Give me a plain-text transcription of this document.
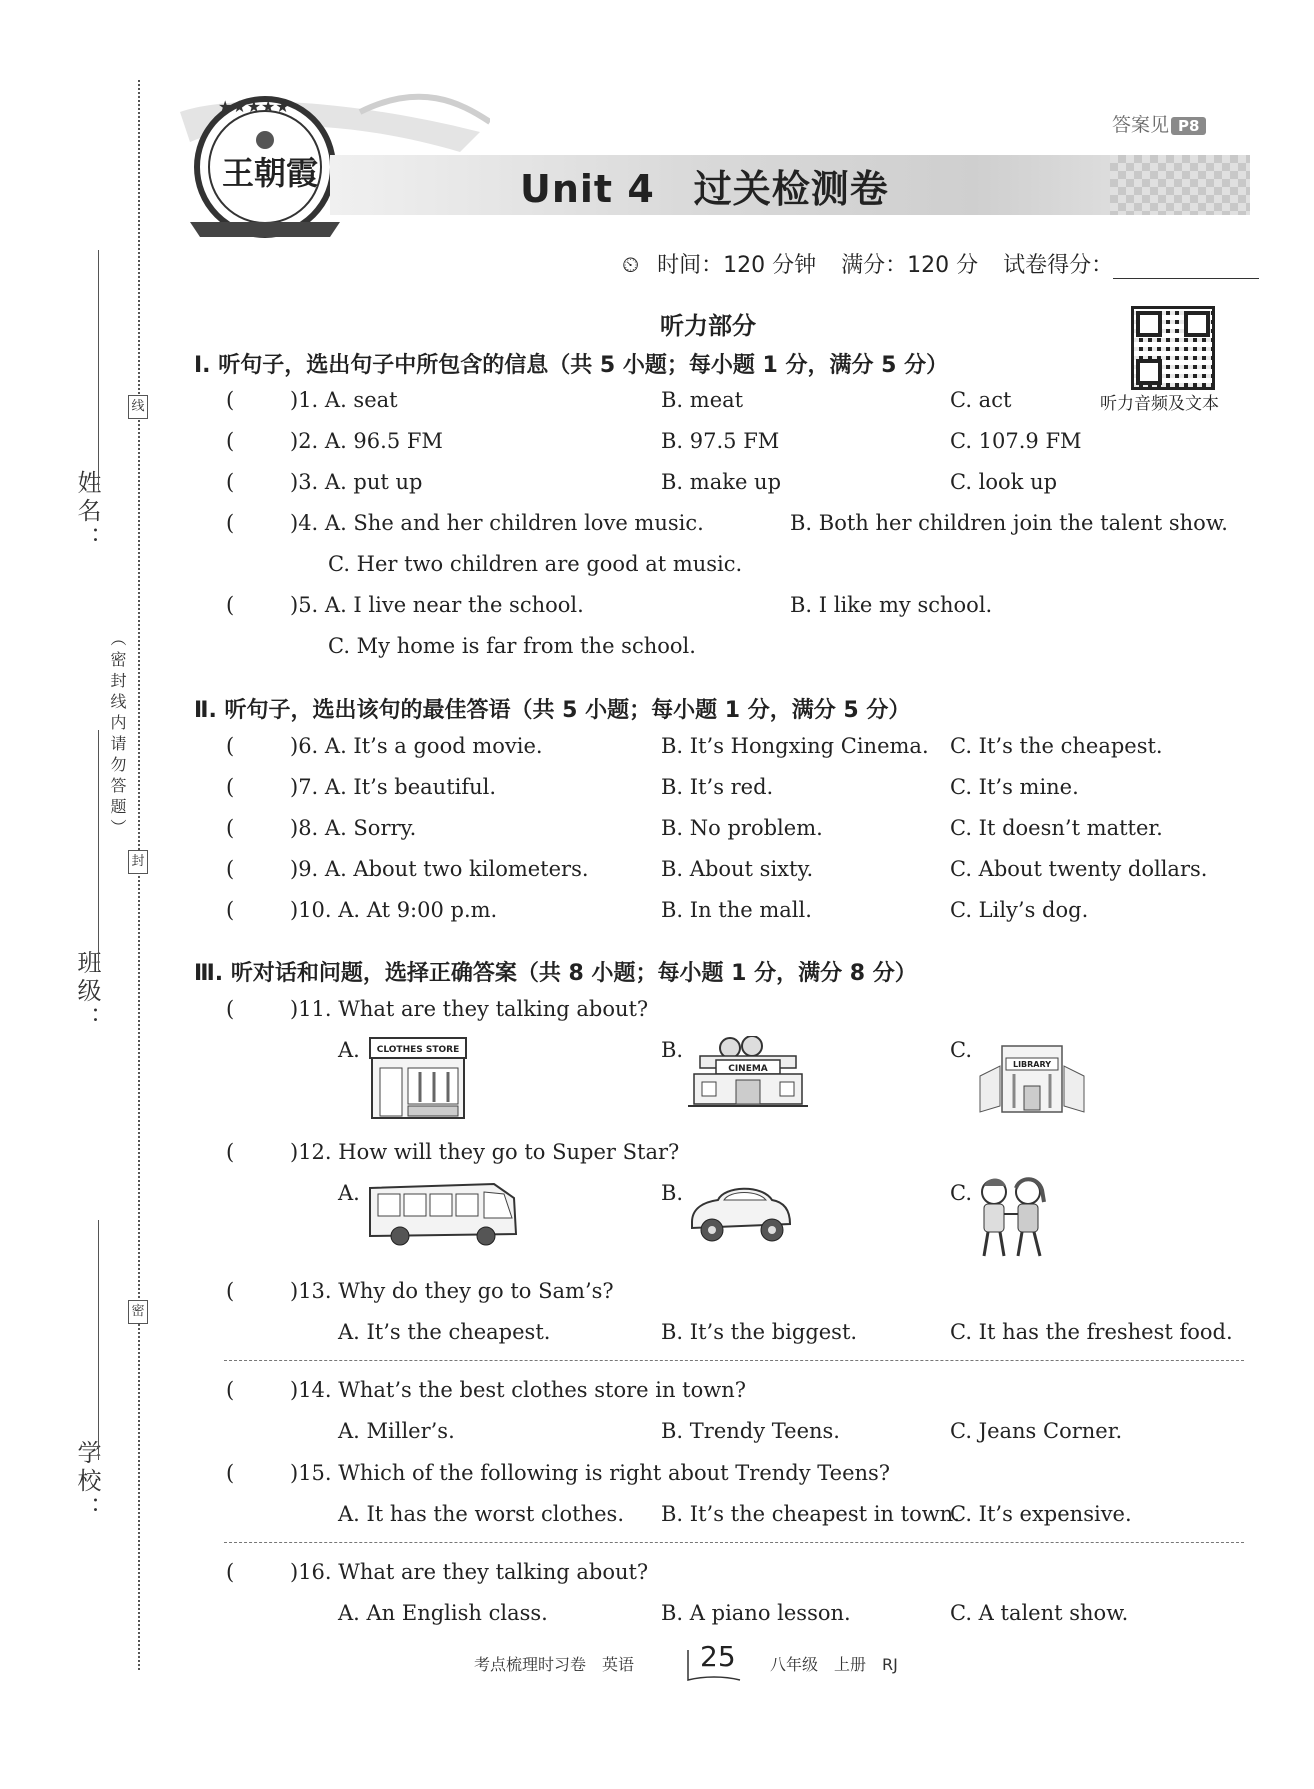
姓名：
班级：
学校：
线
封
密
（密封线内请勿答题）
★★★★★
王朝霞	Unit 4　过关检测卷
答案见 P8
⏲ 时间：120 分钟 满分：120 分 试卷得分：
听力音频及文本
听力部分
Ⅰ. 听句子，选出句子中所包含的信息（共 5 小题；每小题 1 分，满分 5 分）
(	)1. A. seat	B. meat	C. act
(	)2. A. 96.5 FM	B. 97.5 FM	C. 107.9 FM
(	)3. A. put up	B. make up	C. look up
(	)4. A. She and her children love music.	B. Both her children join the talent show.
C. Her two children are good at music.
(	)5. A. I live near the school.	B. I like my school.
C. My home is far from the school.
Ⅱ. 听句子，选出该句的最佳答语（共 5 小题；每小题 1 分，满分 5 分）
(	)6. A. It’s a good movie.	B. It’s Hongxing Cinema. C. It’s the cheapest.
(	)7. A. It’s beautiful.	B. It’s red.	C. It’s mine.
(	)8. A. Sorry.	B. No problem.	C. It doesn’t matter.
(	)9. A. About two kilometers.	B. About sixty.	C. About twenty dollars.
(	)10. A. At 9:00 p.m.	B. In the mall.	C. Lily’s dog.
Ⅲ. 听对话和问题，选择正确答案（共 8 小题；每小题 1 分，满分 8 分）
(	)11. What are they talking about?
A.	B.	C.
CLOTHES STORE
CINEMA	LIBRARY
(	)12. How will they go to Super Star?
A.	B.	C.
(	)13. Why do they go to Sam’s?
A. It’s the cheapest.	B. It’s the biggest.	C. It has the freshest food.
(	)14. What’s the best clothes store in town?
A. Miller’s.	B. Trendy Teens.	C. Jeans Corner.
(	)15. Which of the following is right about Trendy Teens?
A. It has the worst clothes. B. It’s the cheapest in town.
C. It’s expensive.
(	)16. What are they talking about?
A. An English class.	B. A piano lesson.	C. A talent show.
考点梳理时习卷　英语 25 八年级　上册　RJ
